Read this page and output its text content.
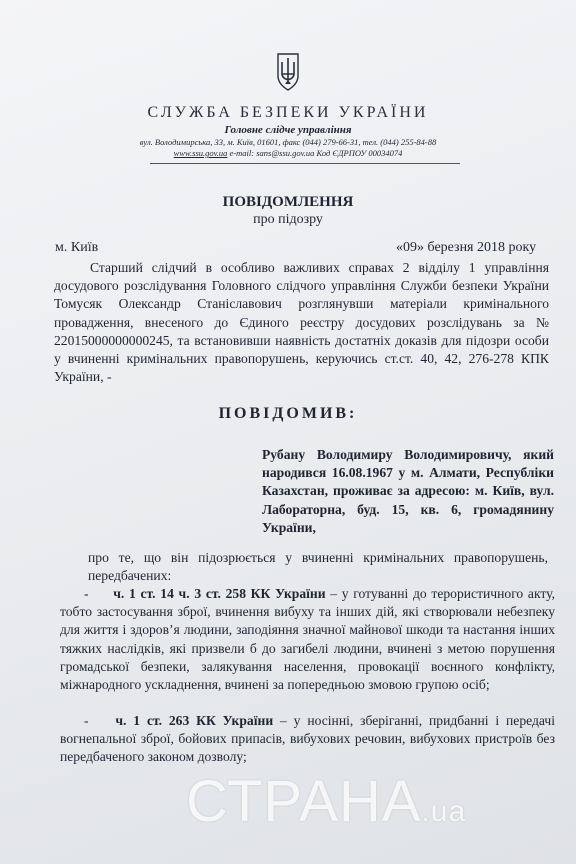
СЛУЖБА БЕЗПЕКИ УКРАЇНИ
Головне слідче управління
вул. Володимирська, 33, м. Київ, 01601, факс (044) 279-66-31, тел. (044) 255-84-88
www.ssu.gov.ua e-mail: sans@ssu.gov.ua Код ЄДРПОУ 00034074
ПОВІДОМЛЕННЯ
про підозру
м. Київ	«09» березня 2018 року
Старший слідчий в особливо важливих справах 2 відділу 1 управління досудового розслідування Головного слідчого управління Служби безпеки України Томусяк Олександр Станіславович розглянувши матеріали кримінального провадження, внесеного до Єдиного реєстру досудових розслідувань за № 22015000000000245, та встановивши наявність достатніх доказів для підозри особи у вчиненні кримінальних правопорушень, керуючись ст.ст. 40, 42, 276-278 КПК України, -
ПОВІДОМИВ:
Рубану Володимиру Володимировичу, який народився 16.08.1967 у м. Алмати, Республіки Казахстан, проживає за адресою: м. Київ, вул. Лабораторна, буд. 15, кв. 6, громадянину України,
про те, що він підозрюється у вчиненні кримінальних правопорушень, передбачених:
- ч. 1 ст. 14 ч. 3 ст. 258 КК України – у готуванні до терористичного акту, тобто застосування зброї, вчинення вибуху та інших дій, які створювали небезпеку для життя і здоров’я людини, заподіяння значної майнової шкоди та настання інших тяжких наслідків, які призвели б до загибелі людини, вчинені з метою порушення громадської безпеки, залякування населення, провокації воєнного конфлікту, міжнародного ускладнення, вчинені за попередньою змовою групою осіб;
- ч. 1 ст. 263 КК України – у носінні, зберіганні, придбанні і передачі вогнепальної зброї, бойових припасів, вибухових речовин, вибухових пристроїв без передбаченого законом дозволу;
СТРАНА.ua
